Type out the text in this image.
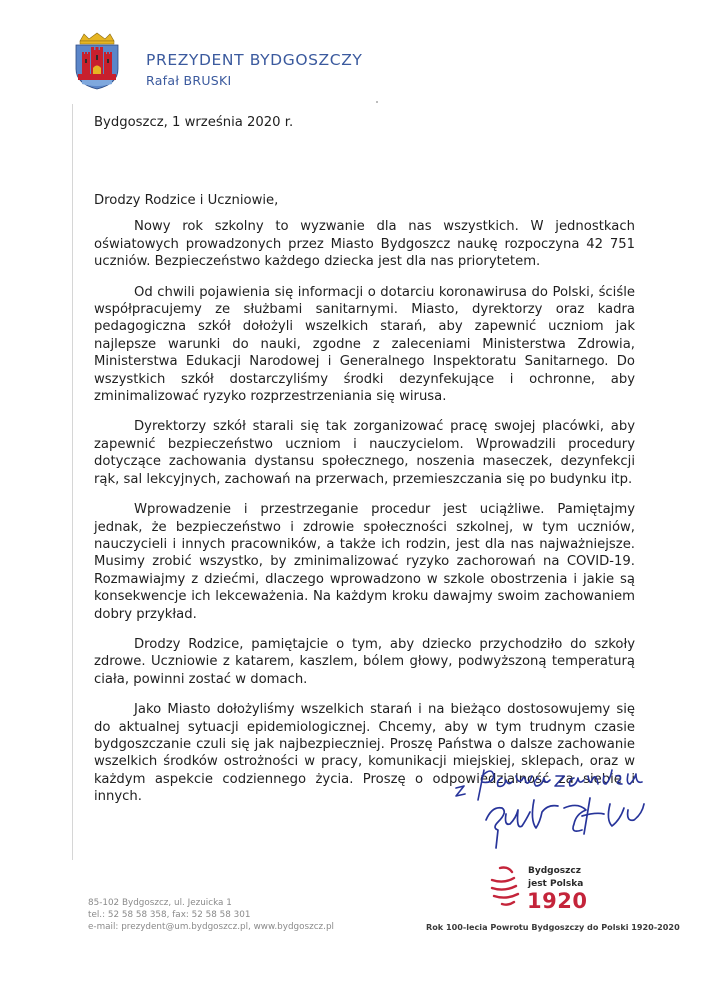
PREZYDENT BYDGOSZCZY
Rafał BRUSKI
Bydgoszcz, 1 września 2020 r.

Drodzy Rodzice i Uczniowie,

Nowy rok szkolny to wyzwanie dla nas wszystkich. W jednostkach oświatowych prowadzonych przez Miasto Bydgoszcz naukę rozpoczyna 42 751 uczniów. Bezpieczeństwo każdego dziecka jest dla nas priorytetem.

Od chwili pojawienia się informacji o dotarciu koronawirusa do Polski, ściśle współpracujemy ze służbami sanitarnymi. Miasto, dyrektorzy oraz kadra pedagogiczna szkół dołożyli wszelkich starań, aby zapewnić uczniom jak najlepsze warunki do nauki, zgodne z zaleceniami Ministerstwa Zdrowia, Ministerstwa Edukacji Narodowej i Generalnego Inspektoratu Sanitarnego. Do wszystkich szkół dostarczyliśmy środki dezynfekujące i ochronne, aby zminimalizować ryzyko rozprzestrzeniania się wirusa.

Dyrektorzy szkół starali się tak zorganizować pracę swojej placówki, aby zapewnić bezpieczeństwo uczniom i nauczycielom. Wprowadzili procedury dotyczące zachowania dystansu społecznego, noszenia maseczek, dezynfekcji rąk, sal lekcyjnych, zachowań na przerwach, przemieszczania się po budynku itp.

Wprowadzenie i przestrzeganie procedur jest uciążliwe. Pamiętajmy jednak, że bezpieczeństwo i zdrowie społeczności szkolnej, w tym uczniów, nauczycieli i innych pracowników, a także ich rodzin, jest dla nas najważniejsze. Musimy zrobić wszystko, by zminimalizować ryzyko zachorowań na COVID-19. Rozmawiajmy z dziećmi, dlaczego wprowadzono w szkole obostrzenia i jakie są konsekwencje ich lekceważenia. Na każdym kroku dawajmy swoim zachowaniem dobry przykład.

Drodzy Rodzice, pamiętajcie o tym, aby dziecko przychodziło do szkoły zdrowe. Uczniowie z katarem, kaszlem, bólem głowy, podwyższoną temperaturą ciała, powinni zostać w domach.

Jako Miasto dołożyliśmy wszelkich starań i na bieżąco dostosowujemy się do aktualnej sytuacji epidemiologicznej. Chcemy, aby w tym trudnym czasie bydgoszczanie czuli się jak najbezpieczniej. Proszę Państwa o dalsze zachowanie wszelkich środków ostrożności w pracy, komunikacji miejskiej, sklepach, oraz w każdym aspekcie codziennego życia. Proszę o odpowiedzialność za siebie i innych.

Bydgoszcz
jest Polska
1920
Rok 100-lecia Powrotu Bydgoszczy do Polski 1920-2020
85-102 Bydgoszcz, ul. Jezuicka 1
tel.: 52 58 58 358, fax: 52 58 58 301
e-mail: prezydent@um.bydgoszcz.pl, www.bydgoszcz.pl
